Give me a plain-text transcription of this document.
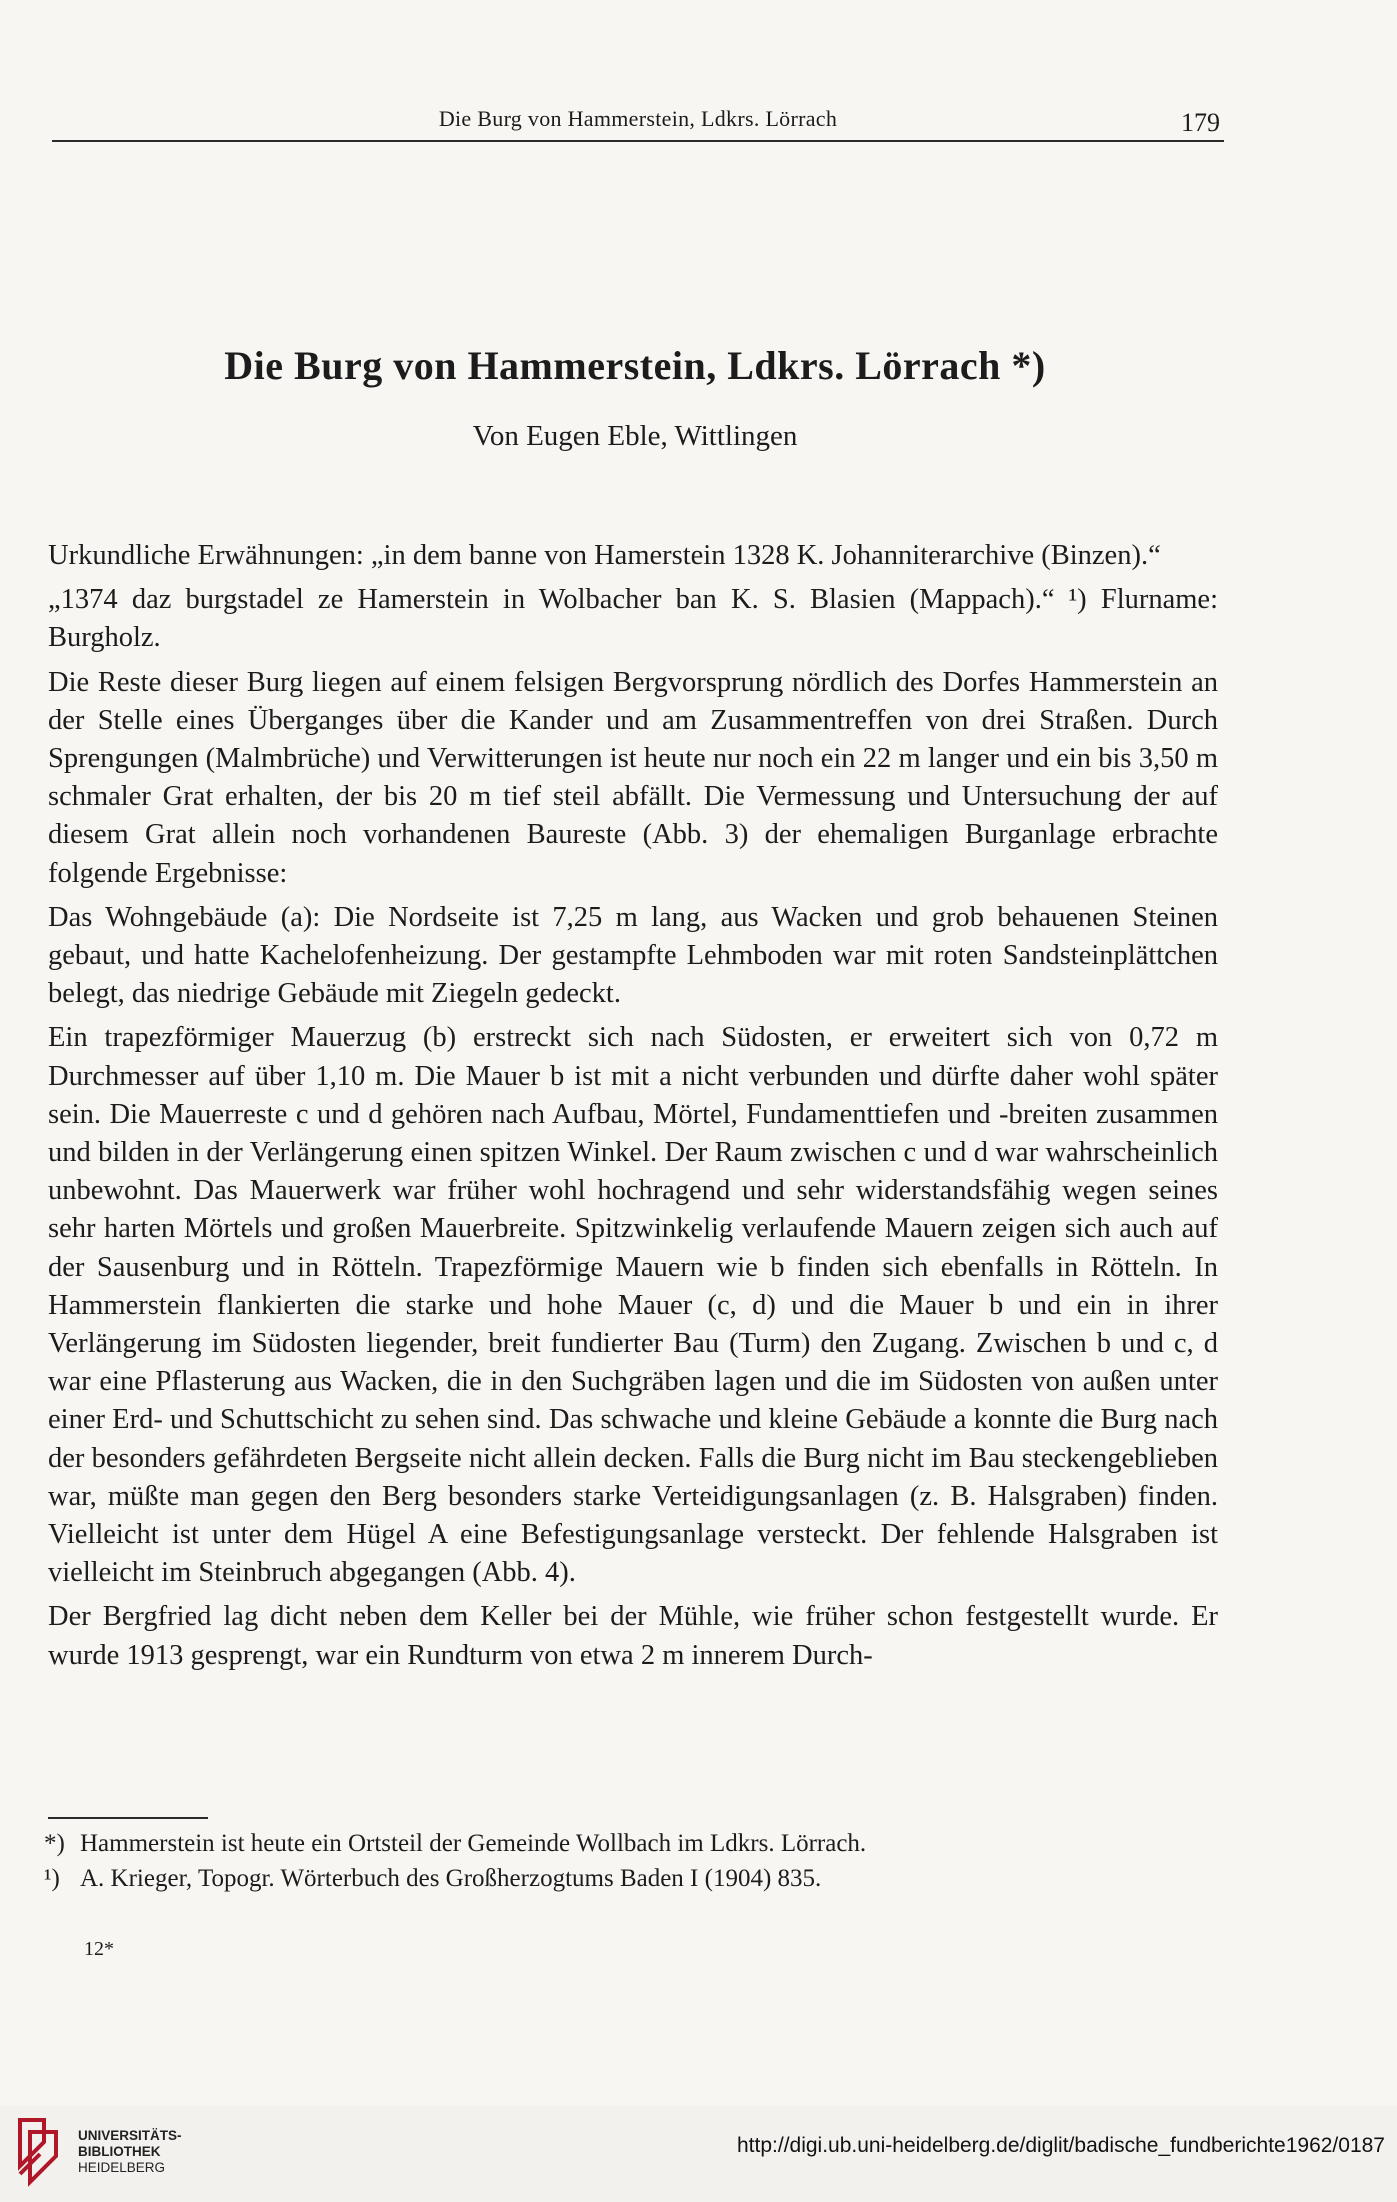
Die Burg von Hammerstein, Ldkrs. Lörrach	179
Die Burg von Hammerstein, Ldkrs. Lörrach *)
Von Eugen Eble, Wittlingen

Urkundliche Erwähnungen: „in dem banne von Hamerstein 1328 K. Johanniterarchive (Binzen).“

„1374 daz burgstadel ze Hamerstein in Wolbacher ban K. S. Blasien (Mappach).“ ¹) Flurname: Burgholz.

Die Reste dieser Burg liegen auf einem felsigen Bergvorsprung nördlich des Dorfes Hammerstein an der Stelle eines Überganges über die Kander und am Zusammentreffen von drei Straßen. Durch Sprengungen (Malmbrüche) und Verwitterungen ist heute nur noch ein 22 m langer und ein bis 3,50 m schmaler Grat erhalten, der bis 20 m tief steil abfällt. Die Vermessung und Untersuchung der auf diesem Grat allein noch vorhandenen Baureste (Abb. 3) der ehemaligen Burganlage erbrachte folgende Ergebnisse:

Das Wohngebäude (a): Die Nordseite ist 7,25 m lang, aus Wacken und grob behauenen Steinen gebaut, und hatte Kachelofenheizung. Der gestampfte Lehmboden war mit roten Sandsteinplättchen belegt, das niedrige Gebäude mit Ziegeln gedeckt.

Ein trapezförmiger Mauerzug (b) erstreckt sich nach Südosten, er erweitert sich von 0,72 m Durchmesser auf über 1,10 m. Die Mauer b ist mit a nicht verbunden und dürfte daher wohl später sein. Die Mauerreste c und d gehören nach Aufbau, Mörtel, Fundamenttiefen und -breiten zusammen und bilden in der Verlängerung einen spitzen Winkel. Der Raum zwischen c und d war wahrscheinlich unbewohnt. Das Mauerwerk war früher wohl hochragend und sehr widerstandsfähig wegen seines sehr harten Mörtels und großen Mauerbreite. Spitzwinkelig verlaufende Mauern zeigen sich auch auf der Sausenburg und in Rötteln. Trapezförmige Mauern wie b finden sich ebenfalls in Rötteln. In Hammerstein flankierten die starke und hohe Mauer (c, d) und die Mauer b und ein in ihrer Verlängerung im Südosten liegender, breit fundierter Bau (Turm) den Zugang. Zwischen b und c, d war eine Pflasterung aus Wacken, die in den Suchgräben lagen und die im Südosten von außen unter einer Erd- und Schuttschicht zu sehen sind. Das schwache und kleine Gebäude a konnte die Burg nach der besonders gefährdeten Bergseite nicht allein decken. Falls die Burg nicht im Bau steckengeblieben war, müßte man gegen den Berg besonders starke Verteidigungsanlagen (z. B. Halsgraben) finden. Vielleicht ist unter dem Hügel A eine Befestigungsanlage versteckt. Der fehlende Halsgraben ist vielleicht im Steinbruch abgegangen (Abb. 4).

Der Bergfried lag dicht neben dem Keller bei der Mühle, wie früher schon festgestellt wurde. Er wurde 1913 gesprengt, war ein Rundturm von etwa 2 m innerem Durch-

*) Hammerstein ist heute ein Ortsteil der Gemeinde Wollbach im Ldkrs. Lörrach.

¹) A. Krieger, Topogr. Wörterbuch des Großherzogtums Baden I (1904) 835.

12*
UNIVERSITÄTS-
BIBLIOTHEK
HEIDELBERG
http://digi.ub.uni-heidelberg.de/diglit/badische_fundberichte1962/0187
